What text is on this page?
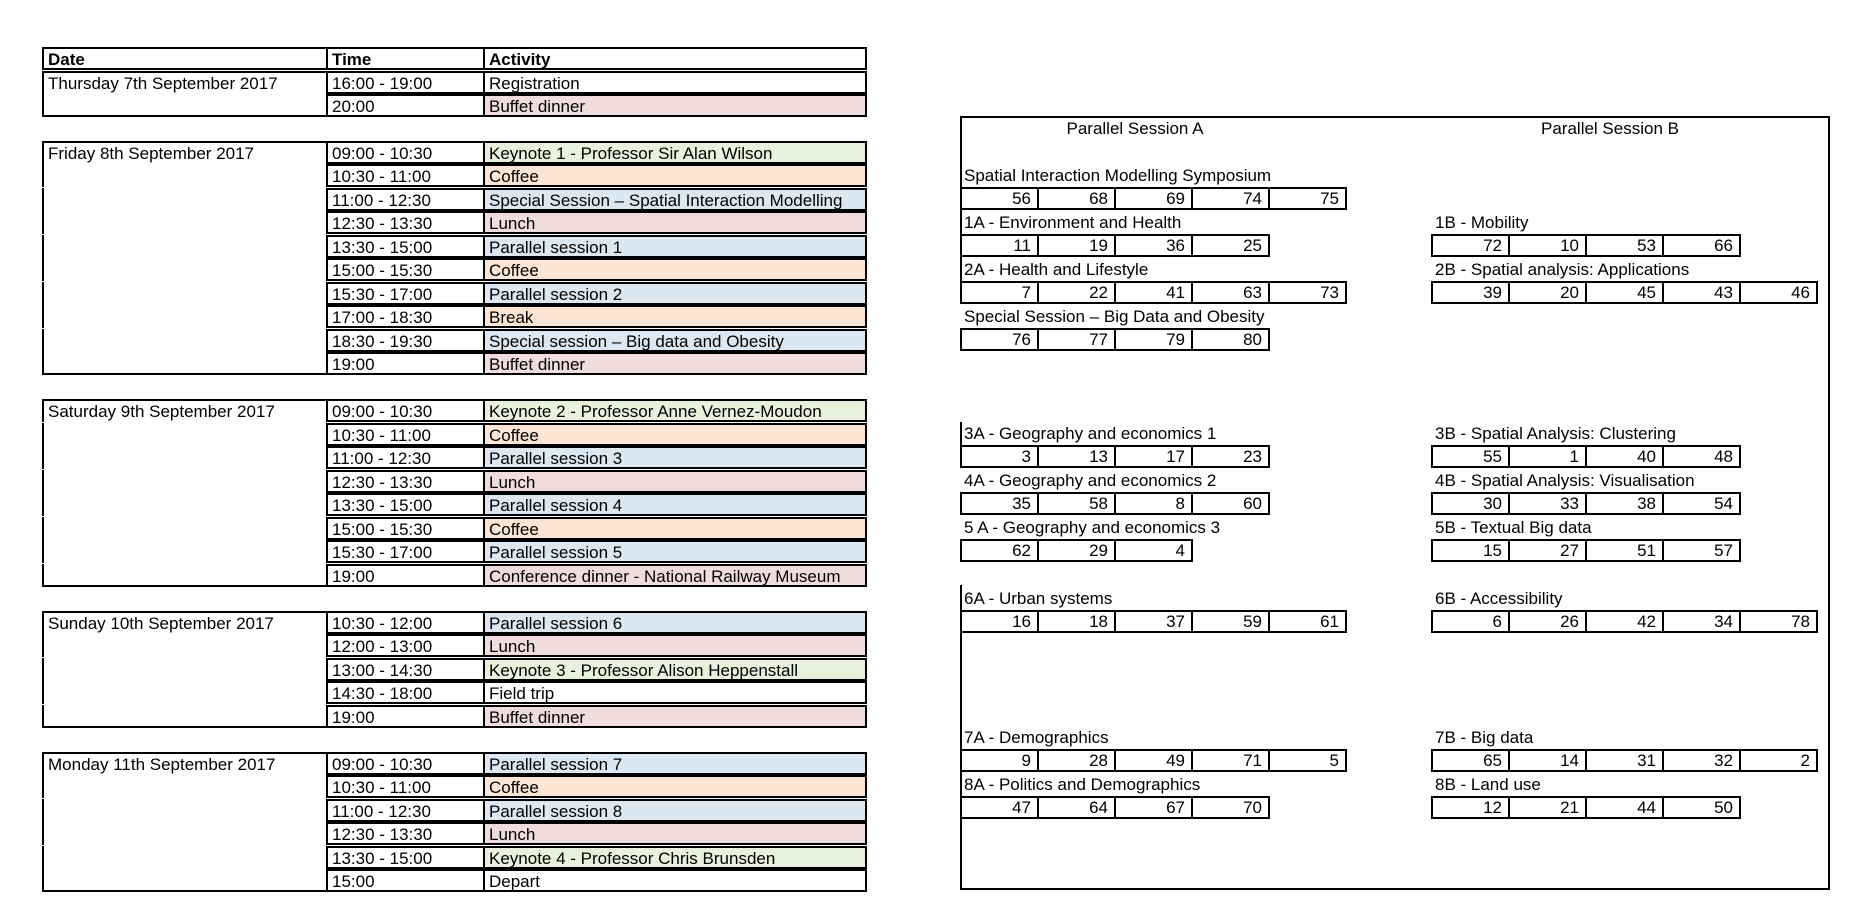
Date	Time	Activity
Thursday 7th September 2017	16:00 - 19:00	Registration
20:00	Buffet dinner
Friday 8th September 2017	09:00 - 10:30	Keynote 1 - Professor Sir Alan Wilson
10:30 - 11:00	Coffee
11:00 - 12:30	Special Session – Spatial Interaction Modelling
12:30 - 13:30	Lunch
13:30 - 15:00	Parallel session 1
15:00 - 15:30	Coffee
15:30 - 17:00	Parallel session 2
17:00 - 18:30	Break
18:30 - 19:30	Special session – Big data and Obesity
19:00	Buffet dinner
Saturday 9th September 2017	09:00 - 10:30	Keynote 2 - Professor Anne Vernez-Moudon
10:30 - 11:00	Coffee
11:00 - 12:30	Parallel session 3
12:30 - 13:30	Lunch
13:30 - 15:00	Parallel session 4
15:00 - 15:30	Coffee
15:30 - 17:00	Parallel session 5
19:00	Conference dinner - National Railway Museum
Sunday 10th September 2017	10:30 - 12:00	Parallel session 6
12:00 - 13:00	Lunch
13:00 - 14:30	Keynote 3 - Professor Alison Heppenstall
14:30 - 18:00	Field trip
19:00	Buffet dinner
Monday 11th September 2017	09:00 - 10:30	Parallel session 7
10:30 - 11:00	Coffee
11:00 - 12:30	Parallel session 8
12:30 - 13:30	Lunch
13:30 - 15:00	Keynote 4 - Professor Chris Brunsden
15:00	Depart
Parallel Session A	Parallel Session B
Spatial Interaction Modelling Symposium
56	68	69	74	75
1A - Environment and Health
11	19	36	25
1B - Mobility
72	10	53	66
2A - Health and Lifestyle
7	22	41	63	73
2B - Spatial analysis: Applications
39	20	45	43	46
Special Session – Big Data and Obesity
76	77	79	80
3A - Geography and economics 1
3	13	17	23
3B - Spatial Analysis: Clustering
55	1	40	48
4A - Geography and economics 2
35	58	8	60
4B - Spatial Analysis: Visualisation
30	33	38	54
5 A - Geography and economics 3
62	29	4
5B - Textual Big data
15	27	51	57
6A - Urban systems
16	18	37	59	61
6B - Accessibility
6	26	42	34	78
7A - Demographics
9	28	49	71	5
7B - Big data
65	14	31	32	2
8A - Politics and Demographics
47	64	67	70
8B - Land use
12	21	44	50
